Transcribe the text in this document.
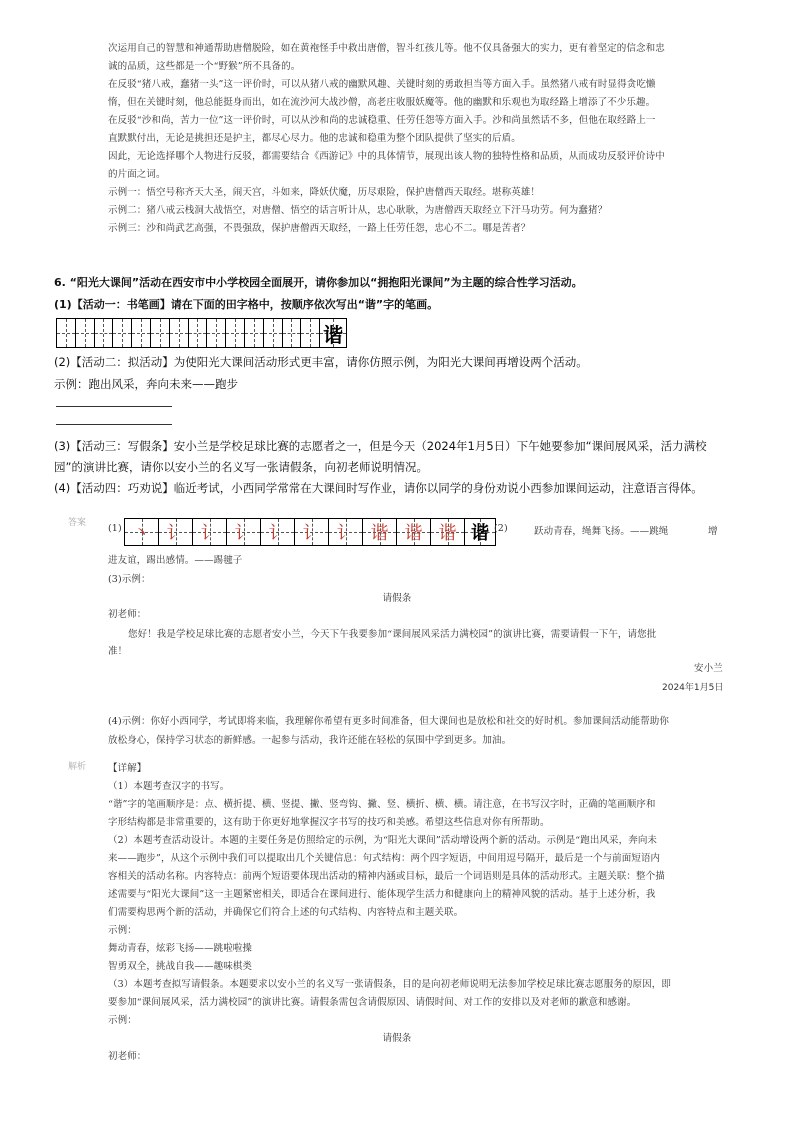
次运用自己的智慧和神通帮助唐僧脱险，如在黄袍怪手中救出唐僧，智斗红孩儿等。他不仅具备强大的实力，更有着坚定的信念和忠
诚的品质，这些都是一个“野猴”所不具备的。
在反驳“猪八戒，蠢猪一头”这一评价时，可以从猪八戒的幽默风趣、关键时刻的勇敢担当等方面入手。虽然猪八戒有时显得贪吃懒
惰，但在关键时刻，他总能挺身而出，如在流沙河大战沙僧，高老庄收服妖魔等。他的幽默和乐观也为取经路上增添了不少乐趣。
在反驳“沙和尚，苦力一位”这一评价时，可以从沙和尚的忠诚稳重、任劳任怨等方面入手。沙和尚虽然话不多，但他在取经路上一
直默默付出，无论是挑担还是护主，都尽心尽力。他的忠诚和稳重为整个团队提供了坚实的后盾。
因此，无论选择哪个人物进行反驳，都需要结合《西游记》中的具体情节，展现出该人物的独特性格和品质，从而成功反驳评价诗中
的片面之词。
示例一：悟空号称齐天大圣，闹天宫，斗如来，降妖伏魔，历尽艰险，保护唐僧西天取经。堪称英雄！
示例二：猪八戒云栈洞大战悟空，对唐僧、悟空的话言听计从，忠心耿耿，为唐僧西天取经立下汗马功劳。何为蠢猪？
示例三：沙和尚武艺高强，不畏强敌，保护唐僧西天取经，一路上任劳任怨，忠心不二。哪是苦者？
6. “阳光大课间”活动在西安市中小学校园全面展开，请你参加以“拥抱阳光课间”为主题的综合性学习活动。
(1)【活动一：书笔画】请在下面的田字格中，按顺序依次写出“谐”字的笔画。
谐
(2)【活动二：拟活动】为使阳光大课间活动形式更丰富，请你仿照示例，为阳光大课间再增设两个活动。
示例：跑出风采，奔向未来——跑步
(3)【活动三：写假条】安小兰是学校足球比赛的志愿者之一，但是今天（2024年1月5日）下午她要参加“课间展风采，活力满校
园”的演讲比赛，请你以安小兰的名义写一张请假条，向初老师说明情况。
(4)【活动四：巧劝说】临近考试，小西同学常常在大课间时写作业，请你以同学的身份劝说小西参加课间运动，注意语言得体。
答案 (1) 丶 讠 讠 讠 讠 讠 讠 谐 谐 谐 谐 (2)	跃动青春，绳舞飞扬。——跳绳	增
进友谊，踢出感情。——踢毽子
(3)示例：
请假条
初老师：
您好！我是学校足球比赛的志愿者安小兰，今天下午我要参加“课间展风采活力满校园”的演讲比赛，需要请假一下午，请您批
准！
安小兰
2024年1月5日
(4)示例：你好小西同学，考试即将来临，我理解你希望有更多时间准备，但大课间也是放松和社交的好时机。参加课间活动能帮助你
放松身心，保持学习状态的新鲜感。一起参与活动，我许还能在轻松的氛围中学到更多。加油。
解析 【详解】
（1）本题考查汉字的书写。
“谐”字的笔画顺序是：点、横折提、横、竖提、撇、竖弯钩、撇、竖、横折、横、横。请注意，在书写汉字时，正确的笔画顺序和
字形结构都是非常重要的，这有助于你更好地掌握汉字书写的技巧和美感。希望这些信息对你有所帮助。
（2）本题考查活动设计。本题的主要任务是仿照给定的示例，为“阳光大课间”活动增设两个新的活动。示例是“跑出风采，奔向未
来——跑步”，从这个示例中我们可以提取出几个关键信息：句式结构：两个四字短语，中间用逗号隔开，最后是一个与前面短语内
容相关的活动名称。内容特点：前两个短语要体现出活动的精神内涵或目标，最后一个词语则是具体的活动形式。主题关联：整个描
述需要与“阳光大课间”这一主题紧密相关，即适合在课间进行、能体现学生活力和健康向上的精神风貌的活动。基于上述分析，我
们需要构思两个新的活动，并确保它们符合上述的句式结构、内容特点和主题关联。
示例：
舞动青春，炫彩飞扬——跳啦啦操
智勇双全，挑战自我——趣味棋类
（3）本题考查拟写请假条。本题要求以安小兰的名义写一张请假条，目的是向初老师说明无法参加学校足球比赛志愿服务的原因，即
要参加“课间展风采，活力满校园”的演讲比赛。请假条需包含请假原因、请假时间、对工作的安排以及对老师的歉意和感谢。
示例：
请假条
初老师：
